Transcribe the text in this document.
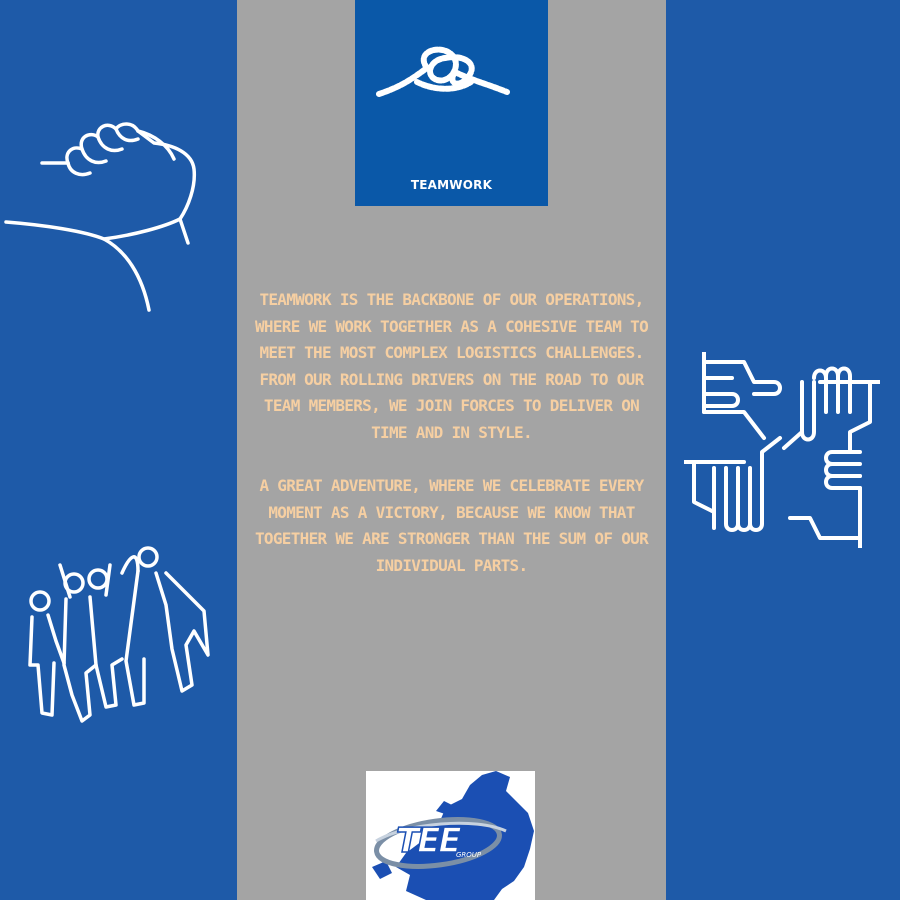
TEAMWORK

TEAMWORK IS THE BACKBONE OF OUR OPERATIONS, WHERE WE WORK TOGETHER AS A COHESIVE TEAM TO MEET THE MOST COMPLEX LOGISTICS CHALLENGES. FROM OUR ROLLING DRIVERS ON THE ROAD TO OUR TEAM MEMBERS, WE JOIN FORCES TO DELIVER ON TIME AND IN STYLE.

A GREAT ADVENTURE, WHERE WE CELEBRATE EVERY MOMENT AS A VICTORY, BECAUSE WE KNOW THAT TOGETHER WE ARE STRONGER THAN THE SUM OF OUR INDIVIDUAL PARTS.

TEE
GROUP
